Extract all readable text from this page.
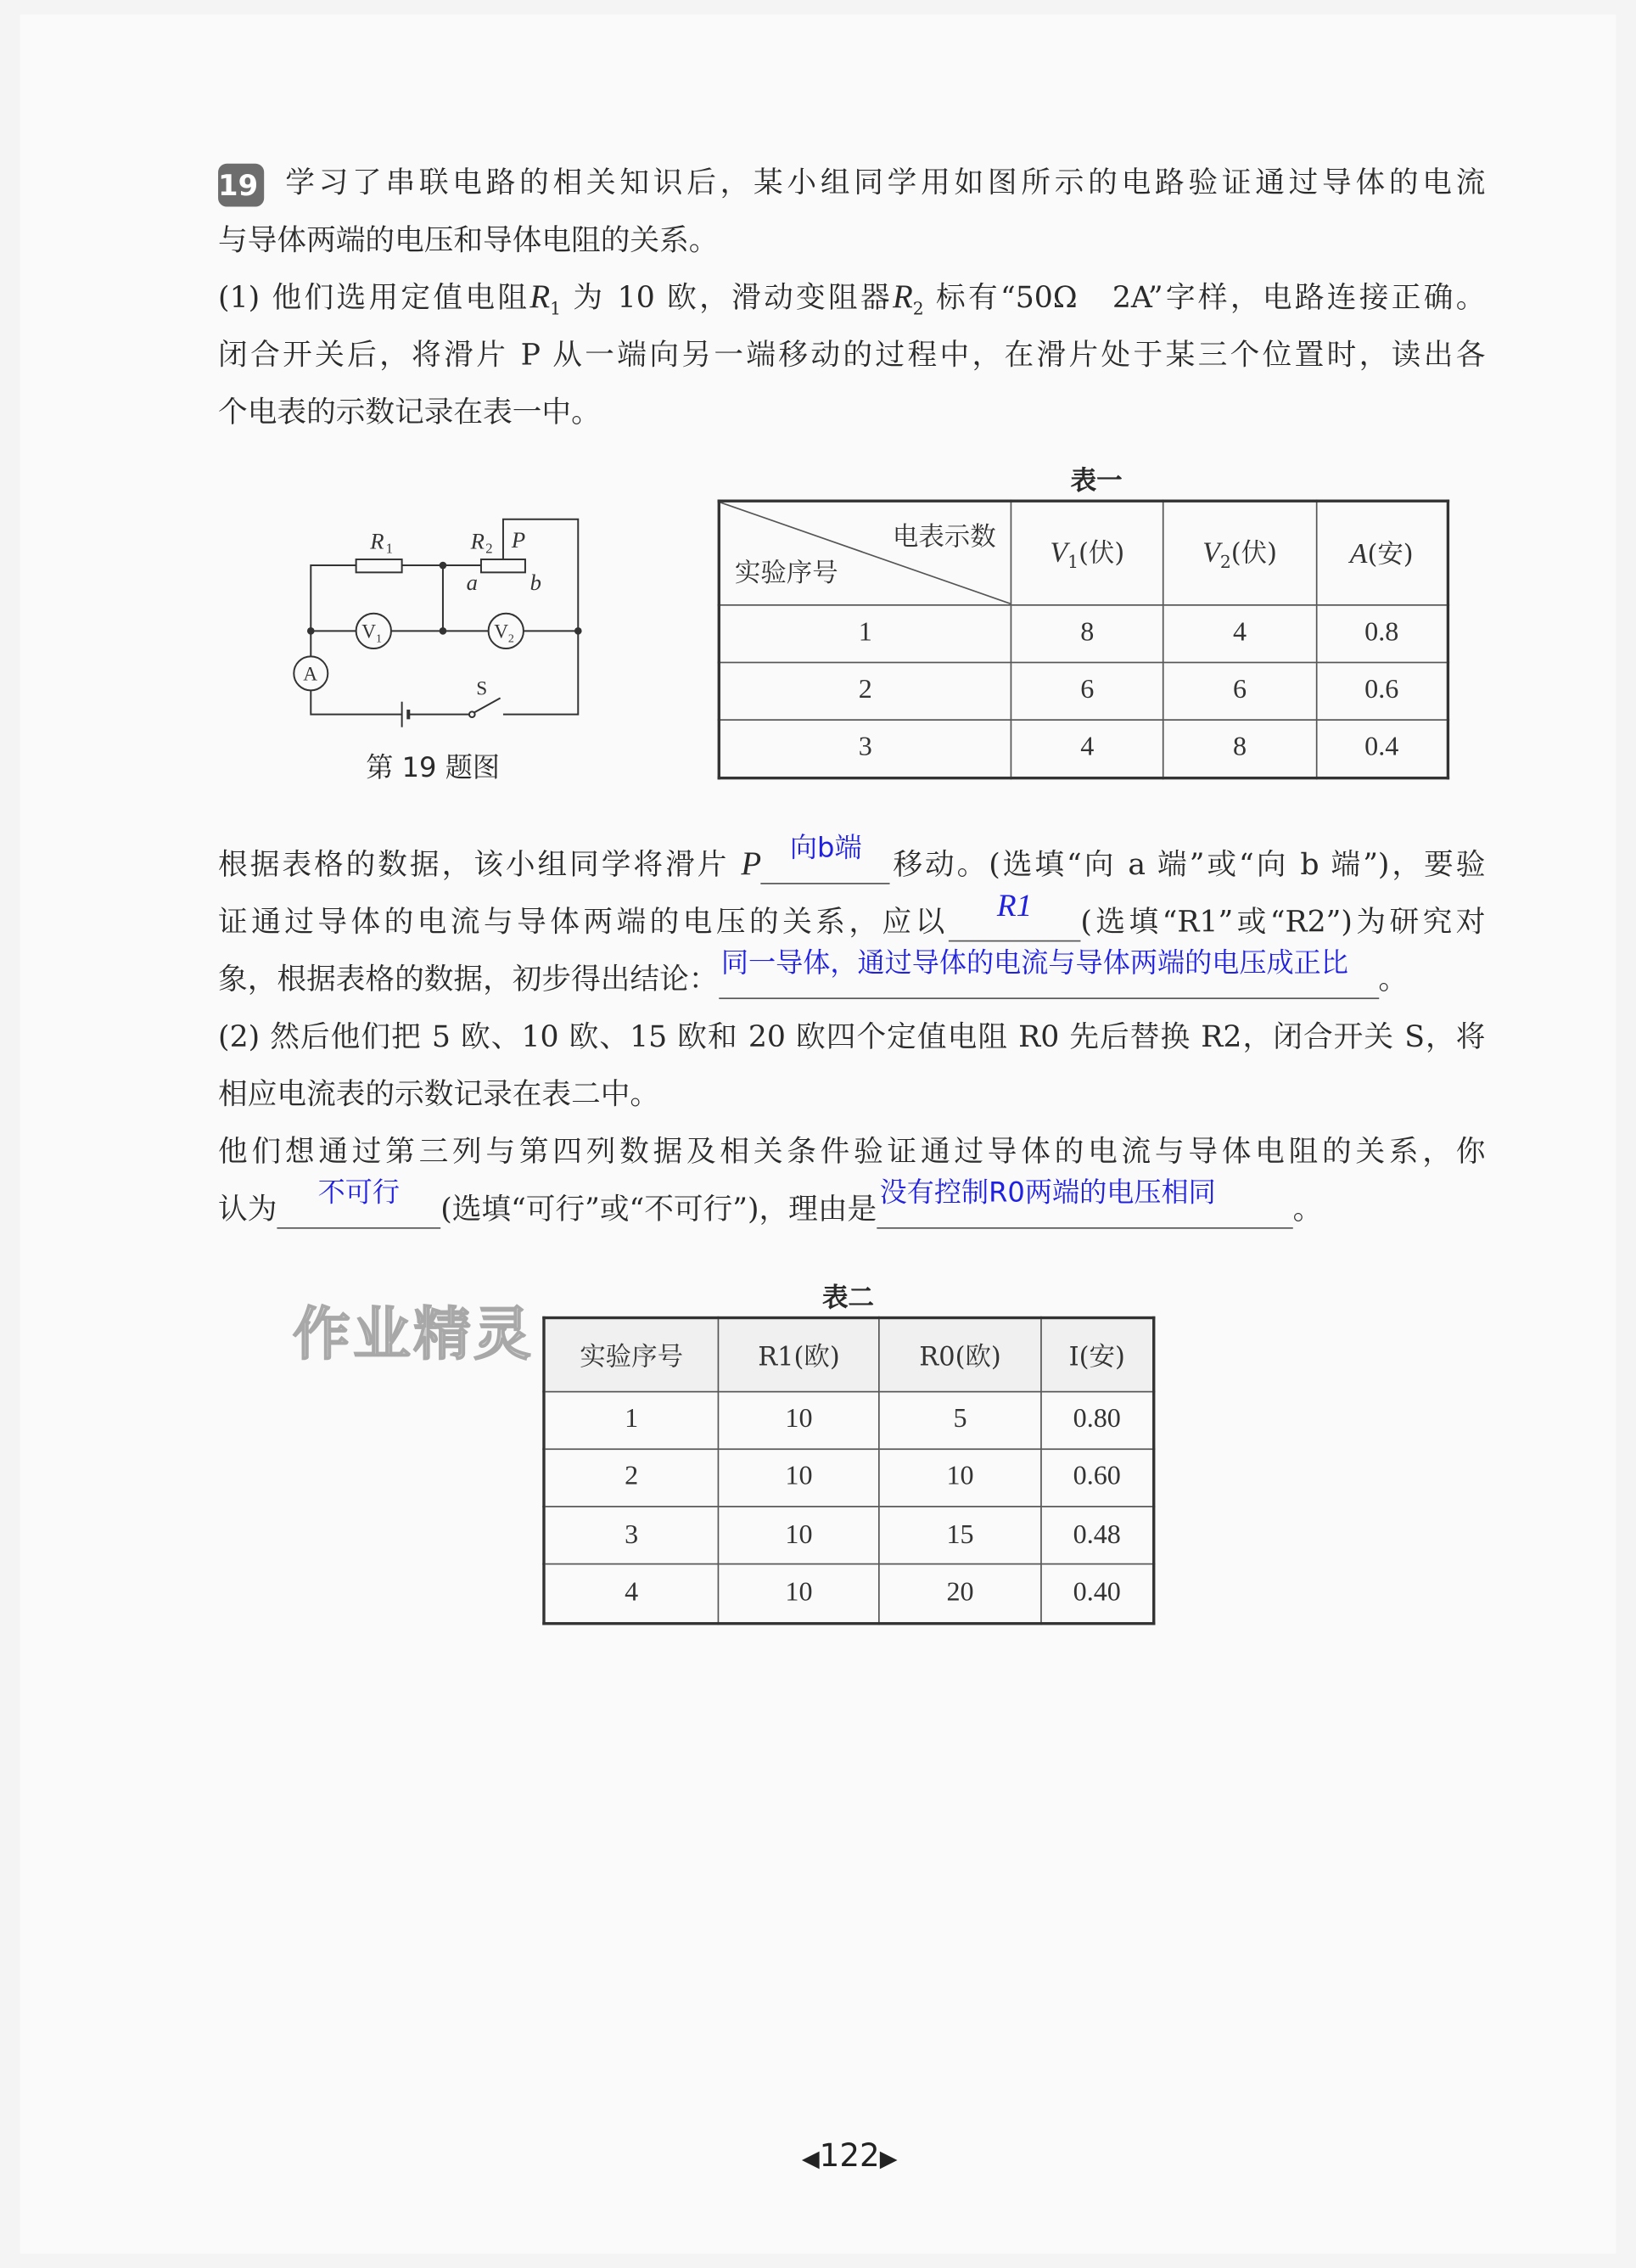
作业精灵
19 学习了串联电路的相关知识后，某小组同学用如图所示的电路验证通过导体的电流
与导体两端的电压和导体电阻的关系。
(1) 他们选用定值电阻$R_1$ 为 10 欧，滑动变阻器$R_2$ 标有“50Ω　2A”字样，电路连接正确。
闭合开关后，将滑片 P 从一端向另一端移动的过程中，在滑片处于某三个位置时，读出各
个电表的示数记录在表一中。
R 1 R 2 P
a b
V 1 V 2
A
S
第 19 题图
表一
电表示数
实验序号	$V_1$(伏)	$V_2$(伏)	A(安)
1	8	4	0.8
2	6	6	0.6
3	4	8	0.4
根据表格的数据，该小组同学将滑片 P	向b端	移动。(选填“向 a 端”或“向 b 端”)，要验
证通过导体的电流与导体两端的电压的关系，应以	R1	(选填“R1”或“R2”)为研究对
象，根据表格的数据，初步得出结论： 同一导体，通过导体的电流与导体两端的电压成正比 。
(2) 然后他们把 5 欧、10 欧、15 欧和 20 欧四个定值电阻 R0 先后替换 R2，闭合开关 S，将
相应电流表的示数记录在表二中。
他们想通过第三列与第四列数据及相关条件验证通过导体的电流与导体电阻的关系，你
认为	不可行	(选填“可行”或“不可行”)，理由是 没有控制R0两端的电压相同	。
表二
实验序号	R1(欧)	R0(欧)	I(安)
1	10	5	0.80
2	10	10	0.60
3	10	15	0.48
4	10	20	0.40
◀122▶
